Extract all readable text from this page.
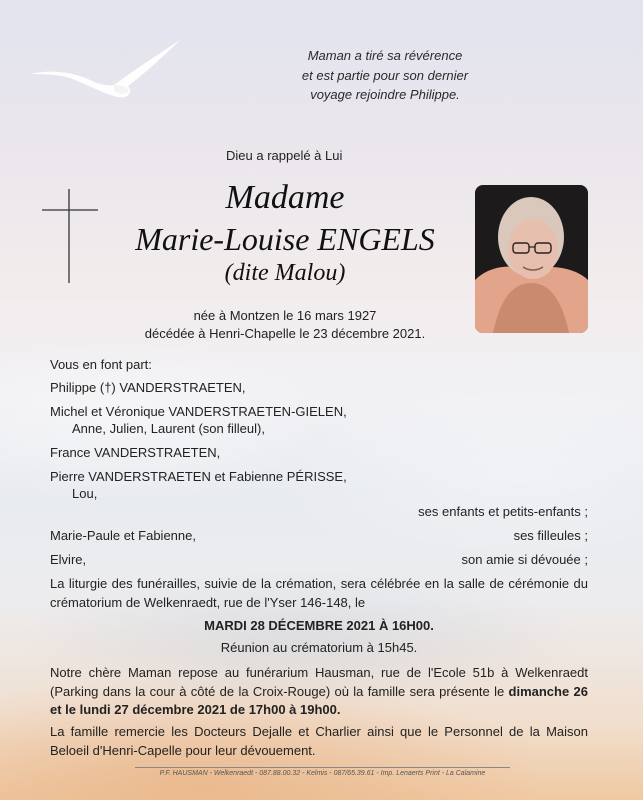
Maman a tiré sa révérence
et est partie pour son dernier
voyage rejoindre Philippe.
Dieu a rappelé à Lui
Madame
Marie-Louise ENGELS
(dite Malou)
née à Montzen le 16 mars 1927
décédée à Henri-Chapelle le 23 décembre 2021.
Vous en font part:
Philippe (†) VANDERSTRAETEN,
Michel et Véronique VANDERSTRAETEN-GIELEN,
Anne, Julien, Laurent (son filleul),
France VANDERSTRAETEN,
Pierre VANDERSTRAETEN et Fabienne PÉRISSE,
Lou,
ses enfants et petits-enfants ;
Marie-Paule et Fabienne,	ses filleules ;
Elvire,	son amie si dévouée ;
La liturgie des funérailles, suivie de la crémation, sera célébrée en la salle de cérémonie du crématorium de Welkenraedt, rue de l'Yser 146-148, le
MARDI 28 DÉCEMBRE 2021 À 16H00.
Réunion au crématorium à 15h45.
Notre chère Maman repose au funérarium Hausman, rue de l'Ecole 51b à Welkenraedt (Parking dans la cour à côté de la Croix-Rouge) où la famille sera présente le dimanche 26 et le lundi 27 décembre 2021 de 17h00 à 19h00.
La famille remercie les Docteurs Dejalle et Charlier ainsi que le Personnel de la Maison Beloeil d'Henri-Capelle pour leur dévouement.
P.F. HAUSMAN - Welkenraedt - 087.88.00.32 - Kelmis - 087/65.39.61 - Imp. Lenaerts Print - La Calamine
